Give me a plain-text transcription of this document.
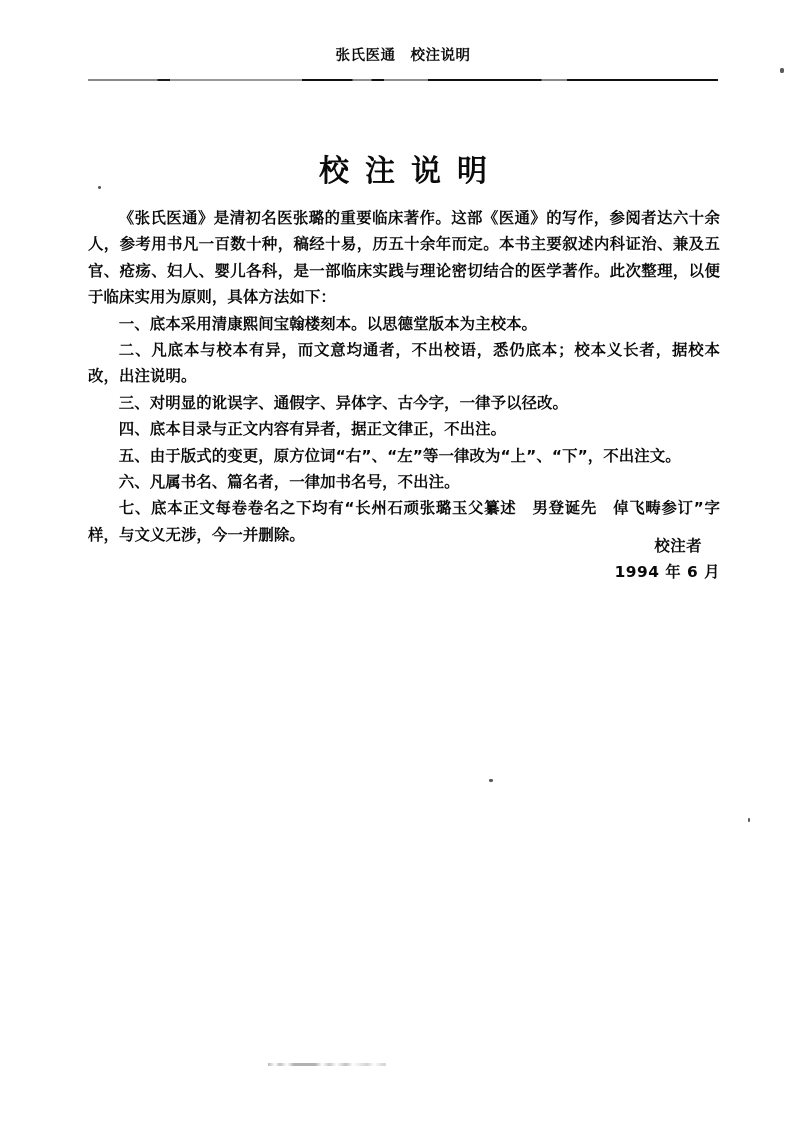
张氏医通　校注说明
校注说明

《张氏医通》是清初名医张璐的重要临床著作。这部《医通》的写作，参阅者达六十余人，参考用书凡一百数十种，稿经十易，历五十余年而定。本书主要叙述内科证治、兼及五官、疮疡、妇人、婴儿各科，是一部临床实践与理论密切结合的医学著作。此次整理，以便于临床实用为原则，具体方法如下：

一、底本采用清康熙间宝翰楼刻本。以思德堂版本为主校本。

二、凡底本与校本有异，而文意均通者，不出校语，悉仍底本；校本义长者，据校本改，出注说明。

三、对明显的讹误字、通假字、异体字、古今字，一律予以径改。

四、底本目录与正文内容有异者，据正文律正，不出注。

五、由于版式的变更，原方位词“右”、“左”等一律改为“上”、“下”，不出注文。

六、凡属书名、篇名者，一律加书名号，不出注。

七、底本正文每卷卷名之下均有“长州石顽张璐玉父纂述　男登诞先　倬飞畴参订”字样，与文义无涉，今一并删除。

校注者
1994 年 6 月
